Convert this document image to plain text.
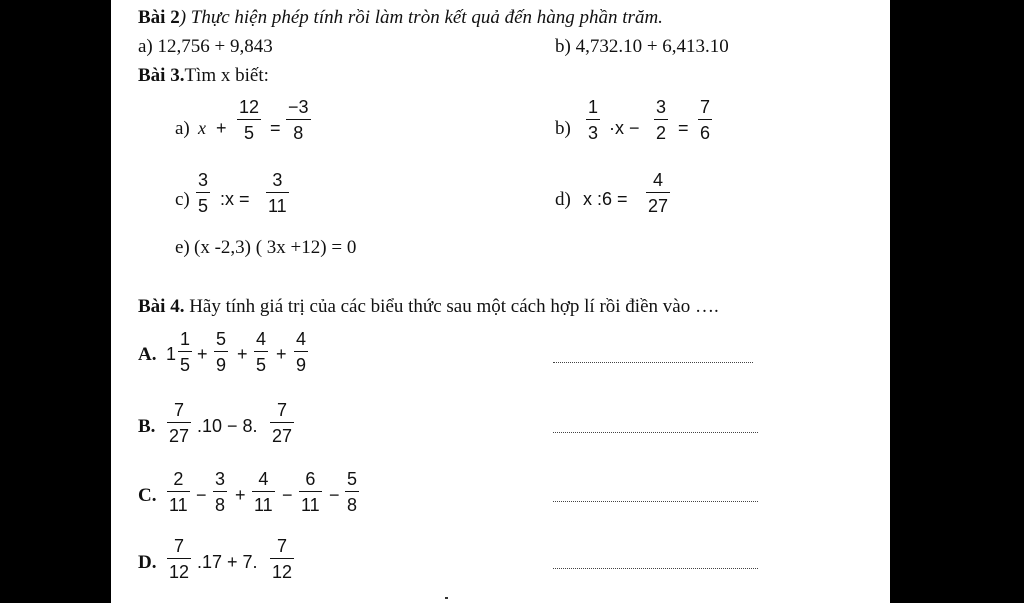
Bài 2) Thực hiện phép tính rồi làm tròn kết quả đến hàng phần trăm.
a) 12,756 + 9,843	b) 4,732.10 + 6,413.10
Bài 3.Tìm x biết:
a) x +
12
5 =
−3
8	b)
1
3 ·x −
3
2 =
7
6
c)
3
5 :x =
3
11	d) x :6 =
4
27
e) (x -2,3) ( 3x +12) = 0
Bài 4. Hãy tính giá trị của các biểu thức sau một cách hợp lí rồi điền vào ….
A. 1
1
5
+
5
9
+
4
5
+
4
9
B.
7
27
.10 − 8.
7
27
C.
2
11
−
3
8
+
4
11
−
6
11
−
5
8
D.
7
12
.17 + 7.
7
12
